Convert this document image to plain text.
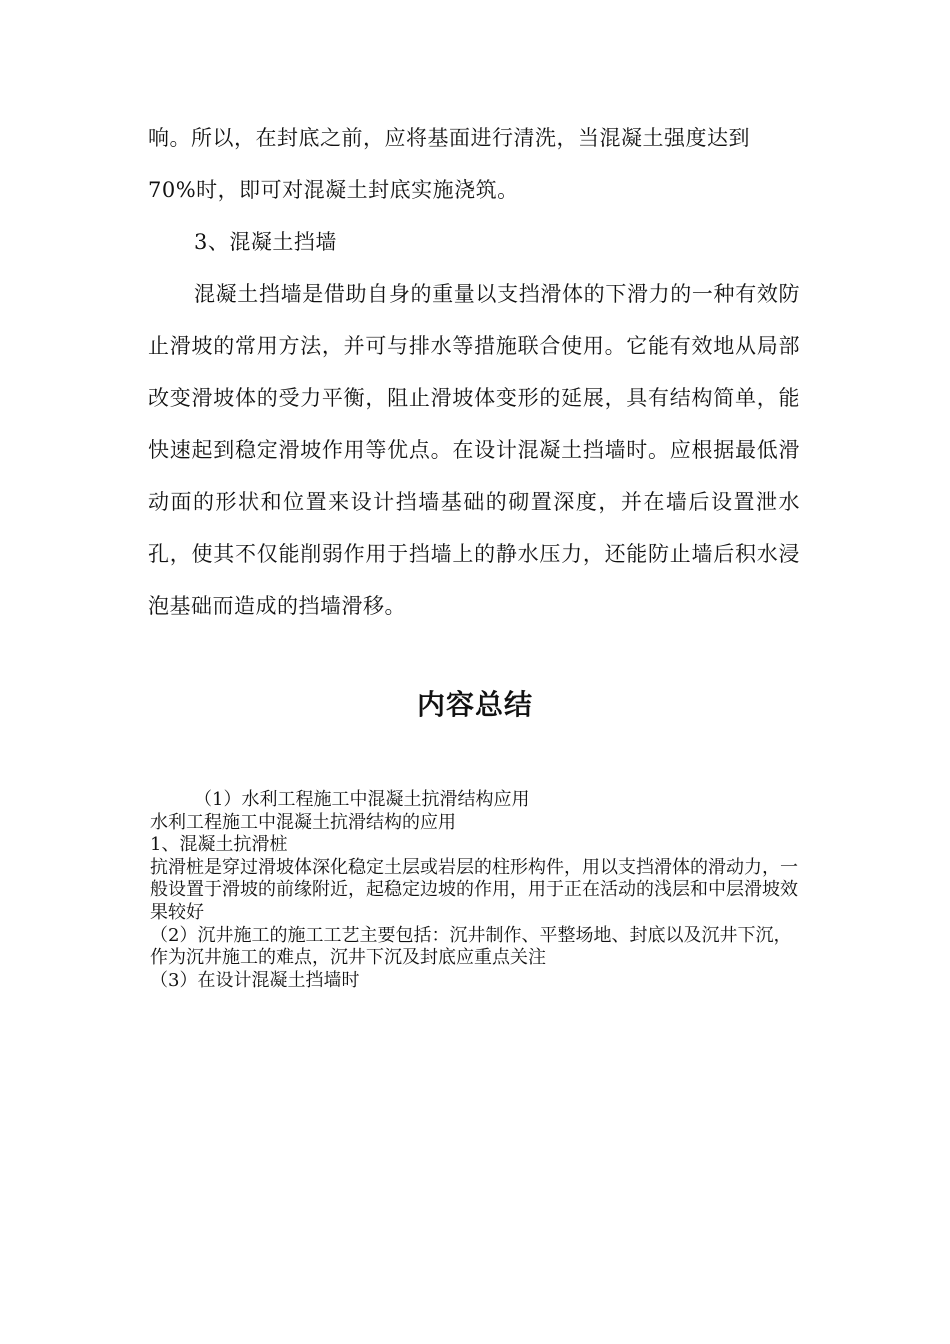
响。所以，在封底之前，应将基面进行清洗，当混凝土强度达到

70%时，即可对混凝土封底实施浇筑。

3、混凝土挡墙

混凝土挡墙是借助自身的重量以支挡滑体的下滑力的一种有效防止滑坡的常用方法，并可与排水等措施联合使用。它能有效地从局部改变滑坡体的受力平衡，阻止滑坡体变形的延展，具有结构简单，能快速起到稳定滑坡作用等优点。在设计混凝土挡墙时。应根据最低滑动面的形状和位置来设计挡墙基础的砌置深度，并在墙后设置泄水孔，使其不仅能削弱作用于挡墙上的静水压力，还能防止墙后积水浸泡基础而造成的挡墙滑移。

内容总结

（1）水利工程施工中混凝土抗滑结构应用

水利工程施工中混凝土抗滑结构的应用

1、混凝土抗滑桩

抗滑桩是穿过滑坡体深化稳定土层或岩层的柱形构件，用以支挡滑体的滑动力，一般设置于滑坡的前缘附近，起稳定边坡的作用，用于正在活动的浅层和中层滑坡效果较好

（2）沉井施工的施工工艺主要包括：沉井制作、平整场地、封底以及沉井下沉，作为沉井施工的难点，沉井下沉及封底应重点关注

（3）在设计混凝土挡墙时
